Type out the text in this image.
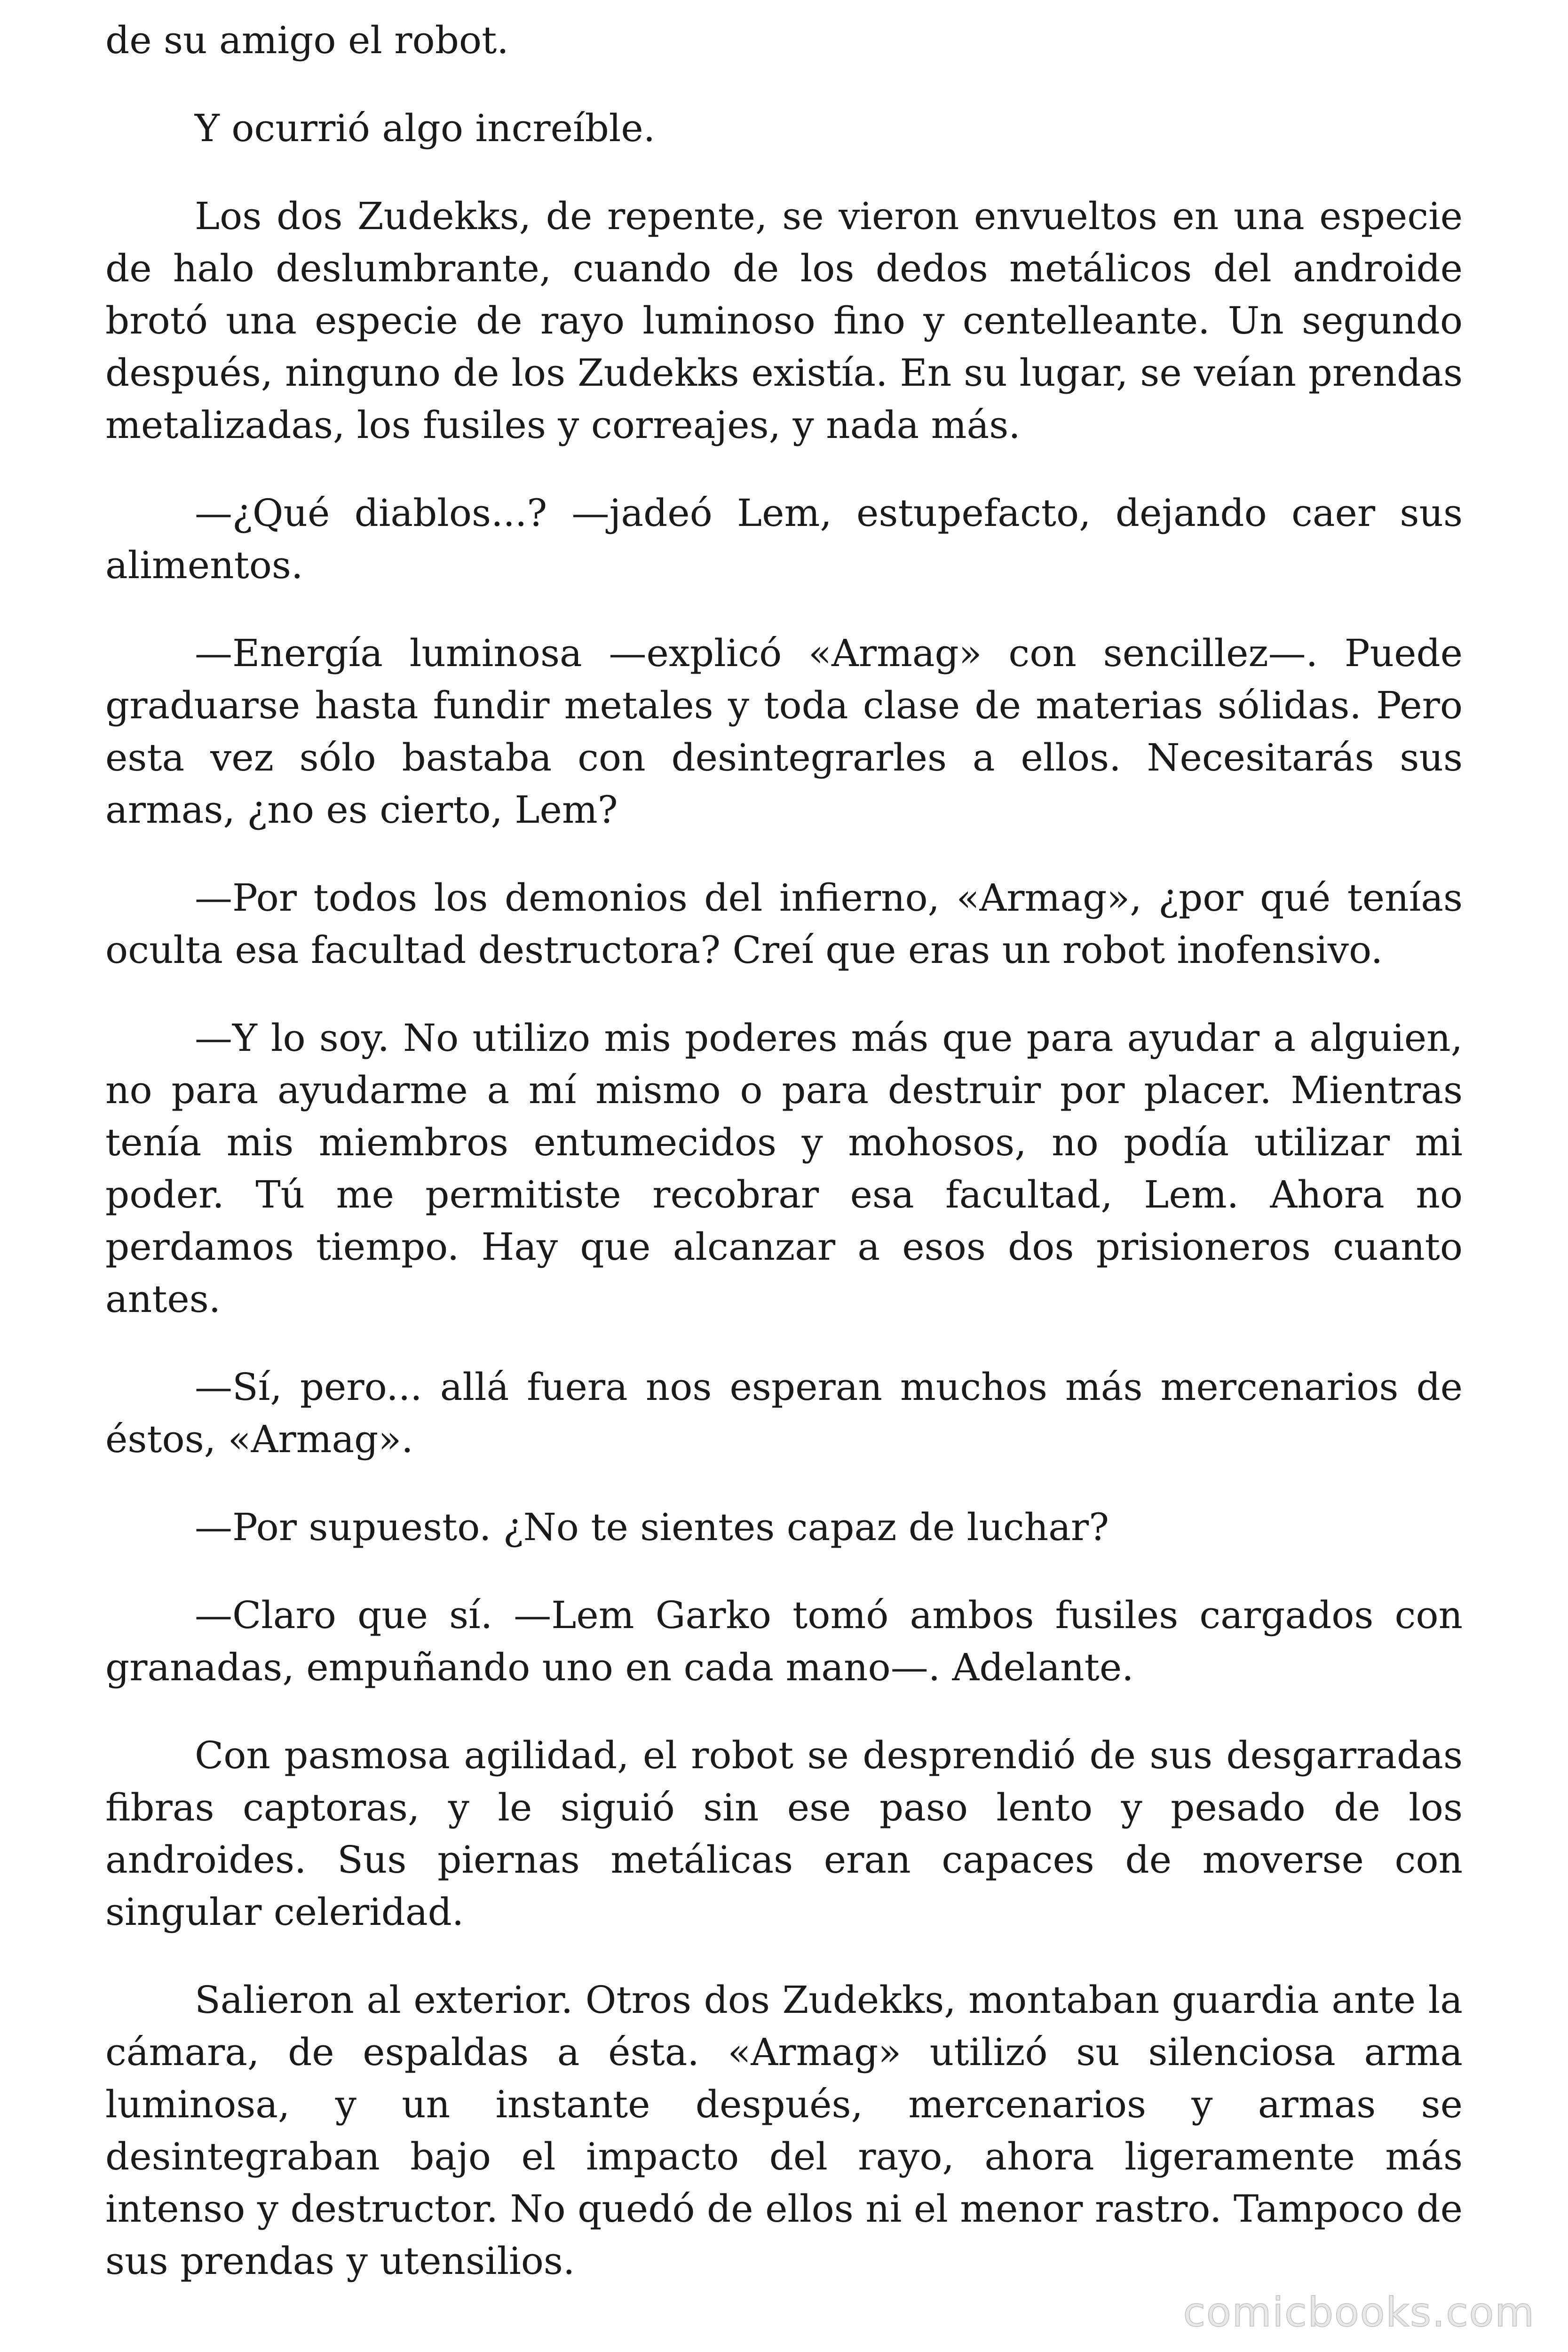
de su amigo el robot.

Y ocurrió algo increíble.

Los dos Zudekks, de repente, se vieron envueltos en una especie de halo deslumbrante, cuando de los dedos metálicos del androide brotó una especie de rayo luminoso fino y centelleante. Un segundo después, ninguno de los Zudekks existía. En su lugar, se veían prendas metalizadas, los fusiles y correajes, y nada más.

—¿Qué diablos...? —jadeó Lem, estupefacto, dejando caer sus alimentos.

—Energía luminosa —explicó «Armag» con sencillez—. Puede graduarse hasta fundir metales y toda clase de materias sólidas. Pero esta vez sólo bastaba con desintegrarles a ellos. Necesitarás sus armas, ¿no es cierto, Lem?

—Por todos los demonios del infierno, «Armag», ¿por qué tenías oculta esa facultad destructora? Creí que eras un robot inofensivo.

—Y lo soy. No utilizo mis poderes más que para ayudar a alguien, no para ayudarme a mí mismo o para destruir por placer. Mientras tenía mis miembros entumecidos y mohosos, no podía utilizar mi poder. Tú me permitiste recobrar esa facultad, Lem. Ahora no perdamos tiempo. Hay que alcanzar a esos dos prisioneros cuanto antes.

—Sí, pero... allá fuera nos esperan muchos más mercenarios de éstos, «Armag».

—Por supuesto. ¿No te sientes capaz de luchar?

—Claro que sí. —Lem Garko tomó ambos fusiles cargados con granadas, empuñando uno en cada mano—. Adelante.

Con pasmosa agilidad, el robot se desprendió de sus desgarradas fibras captoras, y le siguió sin ese paso lento y pesado de los androides. Sus piernas metálicas eran capaces de moverse con singular celeridad.

Salieron al exterior. Otros dos Zudekks, montaban guardia ante la cámara, de espaldas a ésta. «Armag» utilizó su silenciosa arma luminosa, y un instante después, mercenarios y armas se desintegraban bajo el impacto del rayo, ahora ligeramente más intenso y destructor. No quedó de ellos ni el menor rastro. Tampoco de sus prendas y utensilios.

comicbooks.com
